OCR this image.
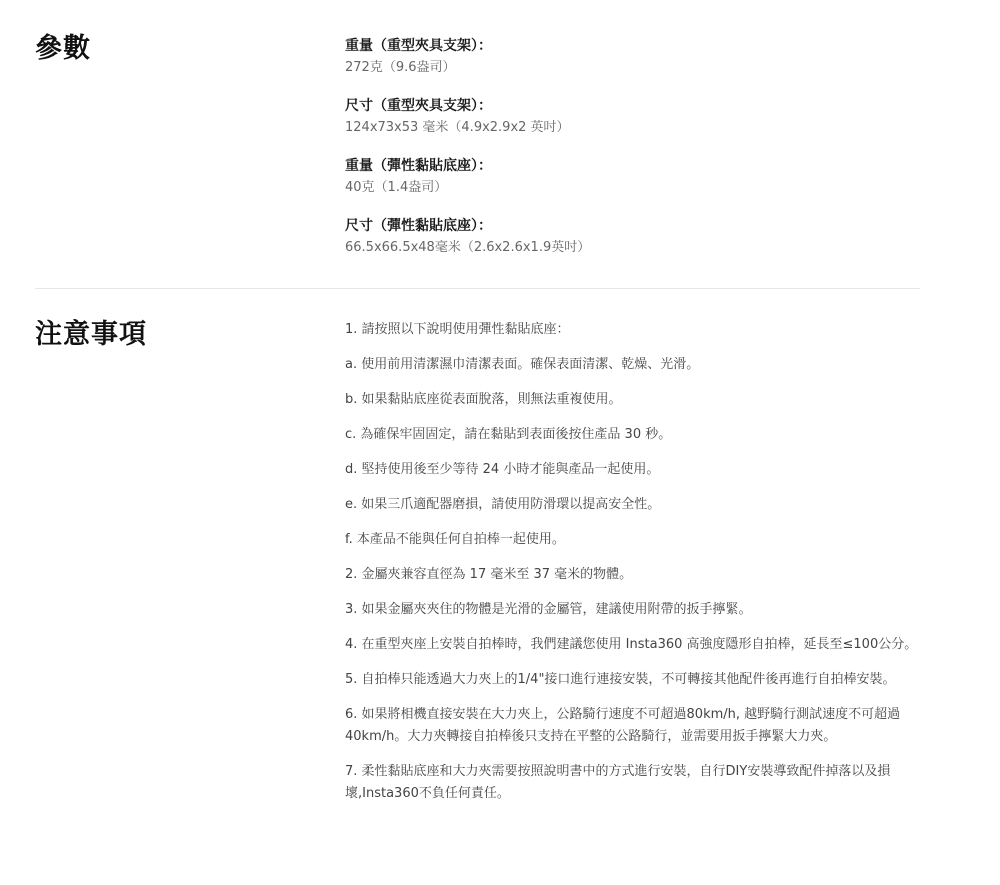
參數	重量（重型夾具支架）：
272克（9.6盎司）
尺寸（重型夾具支架）：
124x73x53 毫米（4.9x2.9x2 英吋）
重量（彈性黏貼底座）：
40克（1.4盎司）
尺寸（彈性黏貼底座）：
66.5x66.5x48毫米（2.6x2.6x1.9英吋）
注意事項	1. 請按照以下說明使用彈性黏貼底座：
a. 使用前用清潔濕巾清潔表面。確保表面清潔、乾燥、光滑。
b. 如果黏貼底座從表面脫落，則無法重複使用。
c. 為確保牢固固定，請在黏貼到表面後按住產品 30 秒。
d. 堅持使用後至少等待 24 小時才能與產品一起使用。
e. 如果三爪適配器磨損，請使用防滑環以提高安全性。
f. 本產品不能與任何自拍棒一起使用。
2. 金屬夾兼容直徑為 17 毫米至 37 毫米的物體。
3. 如果金屬夾夾住的物體是光滑的金屬管，建議使用附帶的扳手擰緊。
4. 在重型夾座上安裝自拍棒時，我們建議您使用 Insta360 高強度隱形自拍棒，延長至≤100公分。
5. 自拍棒只能透過大力夾上的1/4"接口進行連接安裝，不可轉接其他配件後再進行自拍棒安裝。
6. 如果將相機直接安裝在大力夾上，公路騎行速度不可超過80km/h, 越野騎行測試速度不可超過40km/h。大力夾轉接自拍棒後只支持在平整的公路騎行，並需要用扳手擰緊大力夾。
7. 柔性黏貼底座和大力夾需要按照說明書中的方式進行安裝，自行DIY安裝導致配件掉落以及損壞,Insta360不負任何責任。
